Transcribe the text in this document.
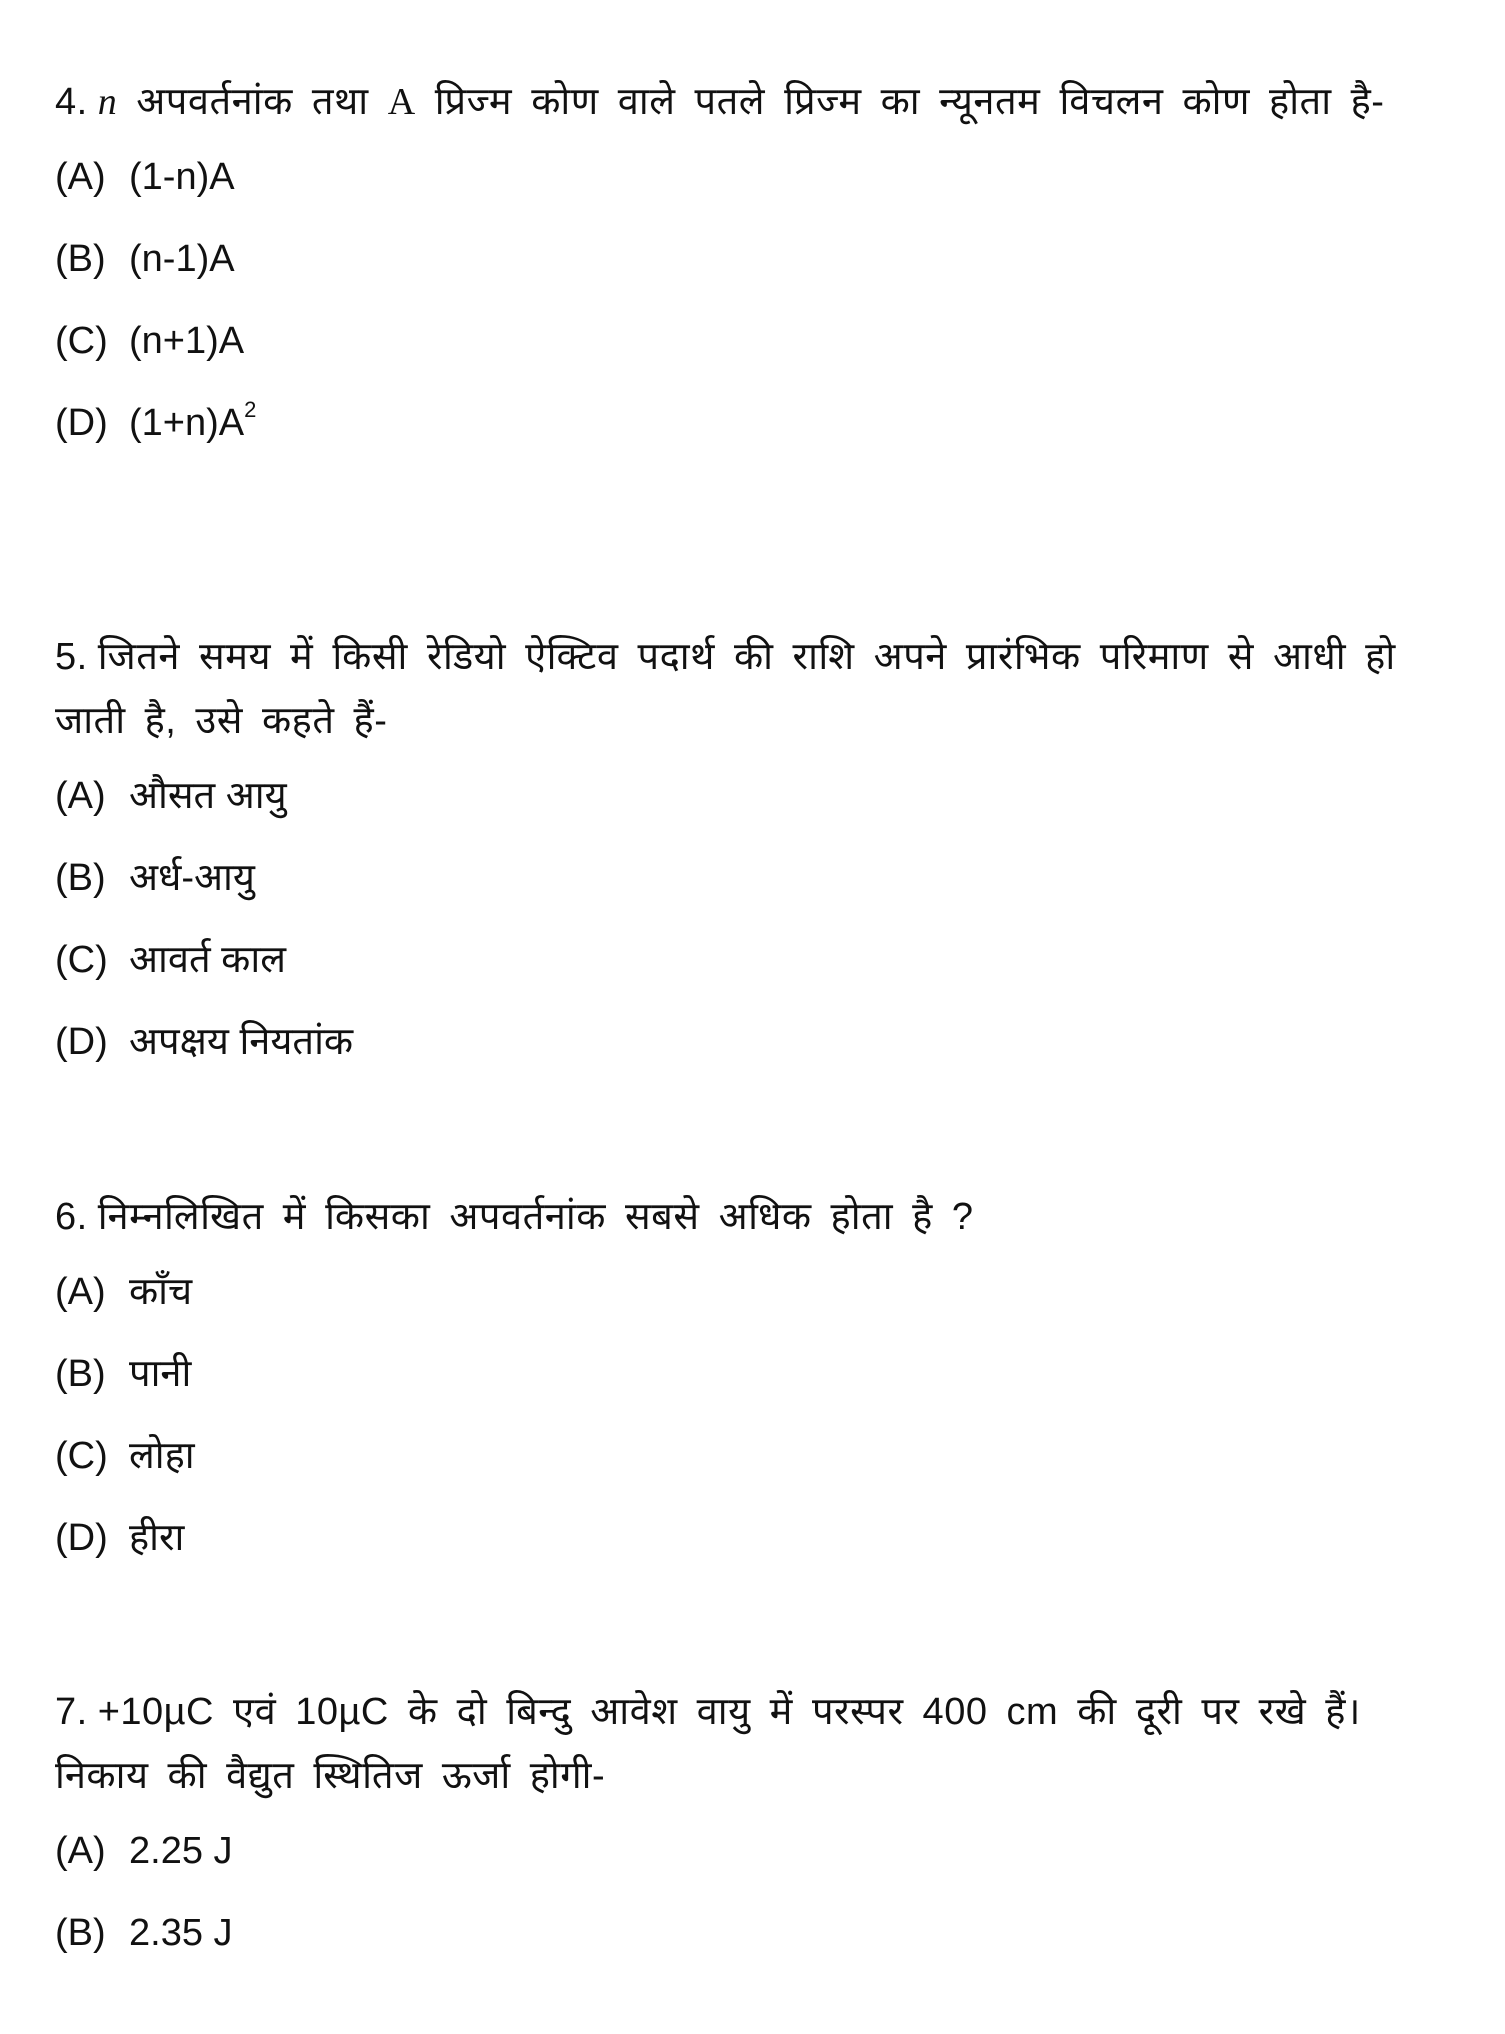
4. n अपवर्तनांक तथा A प्रिज्म कोण वाले पतले प्रिज्म का न्यूनतम विचलन कोण होता है-

(A) (1-n)A
(B) (n-1)A
(C) (n+1)A
(D) $(1+n)A^2$

5. जितने समय में किसी रेडियो ऐक्टिव पदार्थ की राशि अपने प्रारंभिक परिमाण से आधी हो जाती है, उसे कहते हैं-

(A) औसत आयु
(B) अर्ध-आयु
(C) आवर्त काल
(D) अपक्षय नियतांक

6. निम्नलिखित में किसका अपवर्तनांक सबसे अधिक होता है ?

(A) काँच
(B) पानी
(C) लोहा
(D) हीरा

7. +10µC एवं 10µC के दो बिन्दु आवेश वायु में परस्पर 400 cm की दूरी पर रखे हैं। निकाय की वैद्युत स्थितिज ऊर्जा होगी-

(A) 2.25 J
(B) 2.35 J
